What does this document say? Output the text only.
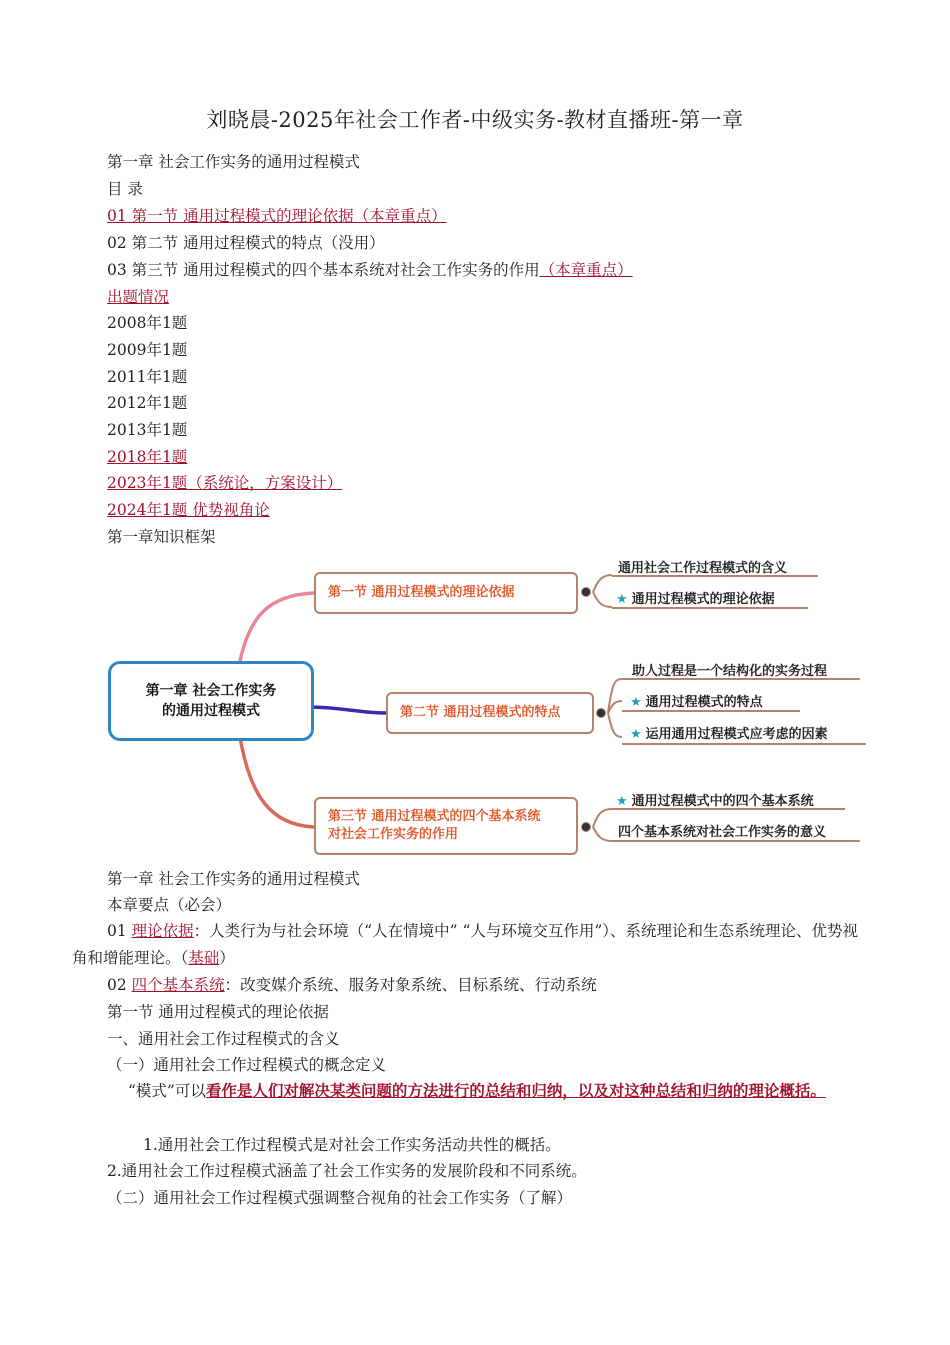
刘晓晨-2025年社会工作者-中级实务-教材直播班-第一章
第一章 社会工作实务的通用过程模式
目 录
01 第一节 通用过程模式的理论依据（本章重点）
02 第二节 通用过程模式的特点（没用）
03 第三节 通用过程模式的四个基本系统对社会工作实务的作用（本章重点）
出题情况
2008年1题
2009年1题
2011年1题
2012年1题
2013年1题
2018年1题
2023年1题（系统论，方案设计）
2024年1题 优势视角论
第一章知识框架
第一章 社会工作实务
的通用过程模式
第一节 通用过程模式的理论依据
通用社会工作过程模式的含义
★ 通用过程模式的理论依据
第二节 通用过程模式的特点
助人过程是一个结构化的实务过程
★ 通用过程模式的特点
★ 运用通用过程模式应考虑的因素
第三节 通用过程模式的四个基本系统
对社会工作实务的作用
★ 通用过程模式中的四个基本系统
四个基本系统对社会工作实务的意义
第一章 社会工作实务的通用过程模式
本章要点（必会）
01 理论依据：人类行为与社会环境（“人在情境中” “人与环境交互作用”）、系统理论和生态系统理论、优势视角和增能理论。（基础）
02 四个基本系统：改变媒介系统、服务对象系统、目标系统、行动系统
第一节 通用过程模式的理论依据
一、通用社会工作过程模式的含义
（一）通用社会工作过程模式的概念定义
“模式”可以看作是人们对解决某类问题的方法进行的总结和归纳，以及对这种总结和归纳的理论概括。
1.通用社会工作过程模式是对社会工作实务活动共性的概括。
2.通用社会工作过程模式涵盖了社会工作实务的发展阶段和不同系统。
（二）通用社会工作过程模式强调整合视角的社会工作实务（了解）
